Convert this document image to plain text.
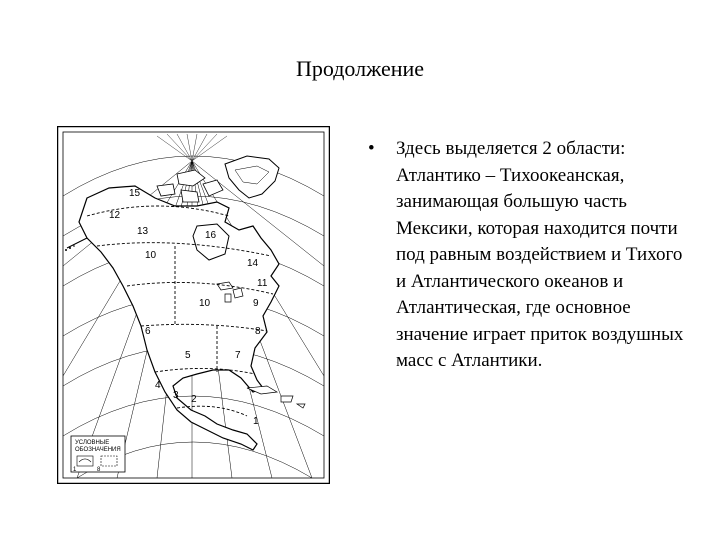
Продолжение
15
12
13	16
10
14
11
10	9
8
6
5	7
4
3 2
1
УСЛОВНЫЕ
ОБОЗНАЧЕНИЯ
1	8
• Здесь выделяется 2 области: Атлантико – Тихоокеанская, занимающая большую часть Мексики, которая находится почти под равным воздействием и Тихого и Атлантического океанов и Атлантическая, где основное значение играет приток воздушных масс с Атлантики.
